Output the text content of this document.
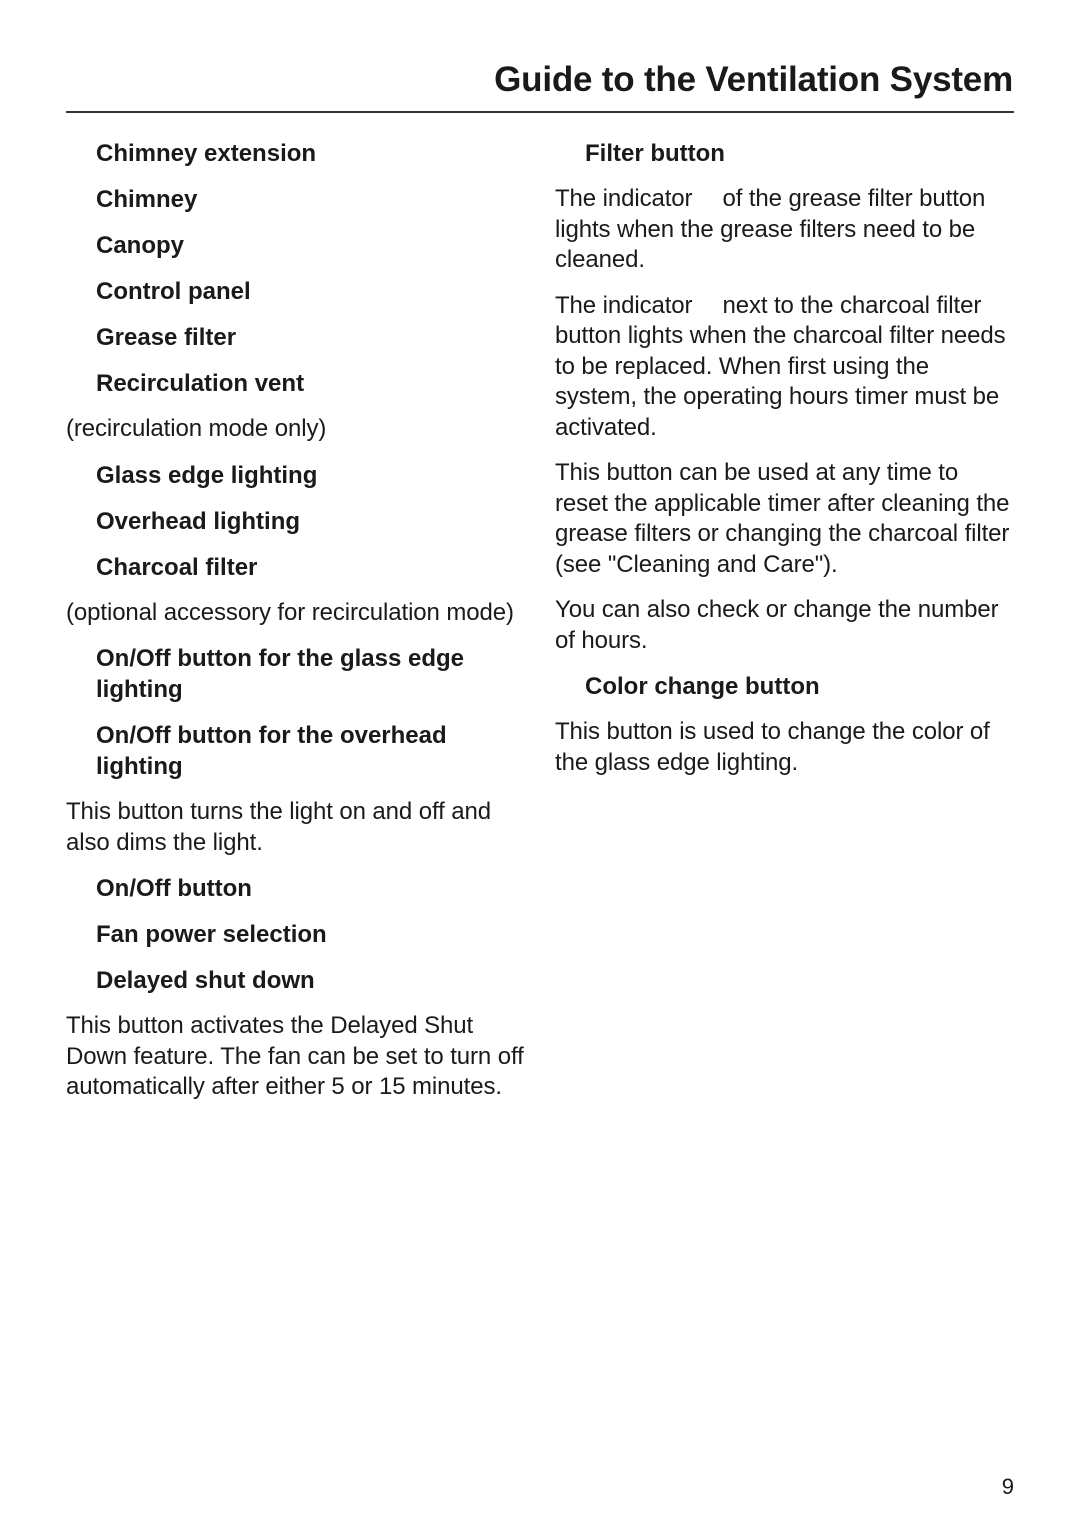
Guide to the Ventilation System

Chimney extension

Chimney

Canopy

Control panel

Grease filter

Recirculation vent

(recirculation mode only)

Glass edge lighting

Overhead lighting

Charcoal filter

(optional accessory for recirculation mode)

On/Off button for the glass edge lighting

On/Off button for the overhead lighting

This button turns the light on and off and also dims the light.

On/Off button

Fan power selection

Delayed shut down

This button activates the Delayed Shut Down feature. The fan can be set to turn off automatically after either 5 or 15 minutes.

Filter button

The indicator of the grease filter button lights when the grease filters need to be cleaned.

The indicator next to the charcoal filter button lights when the charcoal filter needs to be replaced. When first using the system, the operating hours timer must be activated.

This button can be used at any time to reset the applicable timer after cleaning the grease filters or changing the charcoal filter (see "Cleaning and Care").

You can also check or change the number of hours.

Color change button

This button is used to change the color of the glass edge lighting.

9
